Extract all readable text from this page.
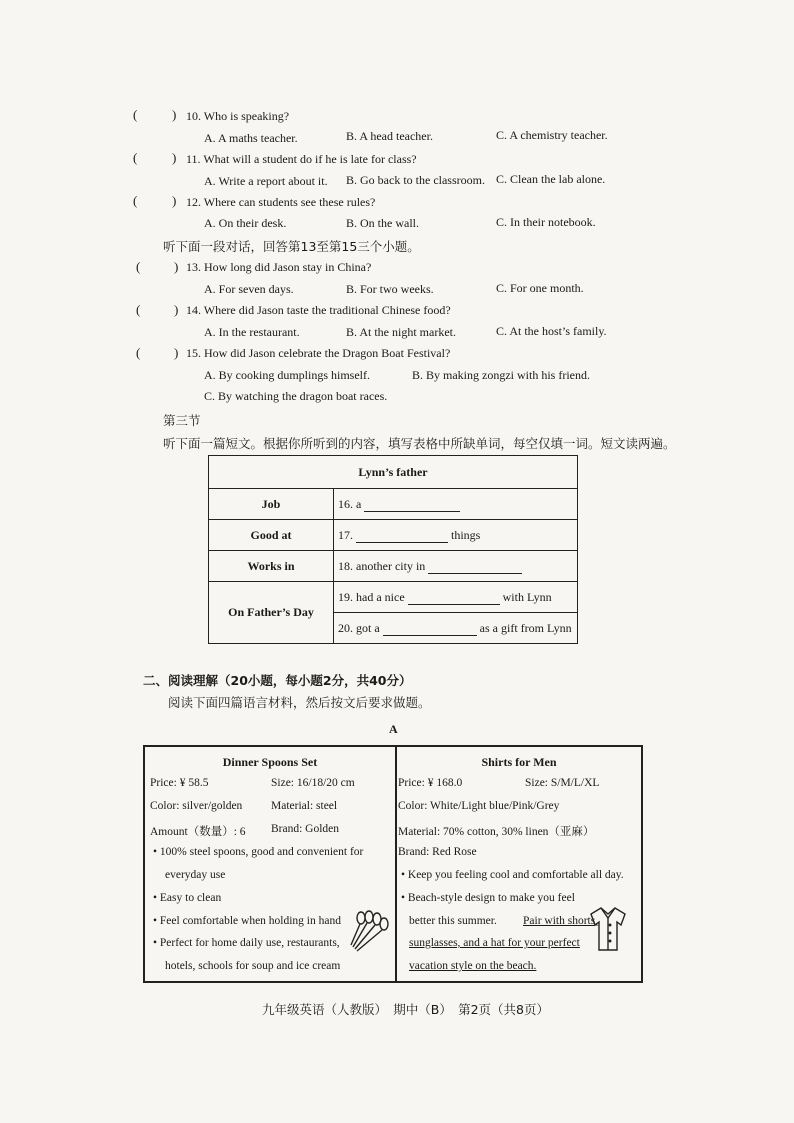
(	) 10. Who is speaking?
A. A maths teacher.	B. A head teacher.	C. A chemistry teacher.
(	) 11. What will a student do if he is late for class?
A. Write a report about it. B. Go back to the classroom. C. Clean the lab alone.
(	) 12. Where can students see these rules?
A. On their desk.	B. On the wall.	C. In their notebook.
听下面一段对话，回答第13至第15三个小题。
(	) 13. How long did Jason stay in China?
A. For seven days.	B. For two weeks.	C. For one month.
(	) 14. Where did Jason taste the traditional Chinese food?
A. In the restaurant.	B. At the night market.	C. At the host’s family.
(	) 15. How did Jason celebrate the Dragon Boat Festival?
A. By cooking dumplings himself.	B. By making zongzi with his friend.
C. By watching the dragon boat races.
第三节
听下面一篇短文。根据你所听到的内容，填写表格中所缺单词，每空仅填一词。短文读两遍。
Lynn’s father	
Job	16. a
Good at	17. things
Works in	18. another city in
On Father’s Day	19. had a nice with Lynn
	20. got a as a gift from Lynn
二、阅读理解（20小题，每小题2分，共40分）
阅读下面四篇语言材料，然后按文后要求做题。
A
Dinner Spoons Set
Price: ¥ 58.5	Size: 16/18/20 cm
Color: silver/golden Material: steel
Amount（数量）: 6 Brand: Golden
• 100% steel spoons, good and convenient for
everyday use
• Easy to clean
• Feel comfortable when holding in hand
• Perfect for home daily use, restaurants,
hotels, schools for soup and ice cream
Shirts for Men
Price: ¥ 168.0	Size: S/M/L/XL
Color: White/Light blue/Pink/Grey
Material: 70% cotton, 30% linen（亚麻）
Brand: Red Rose
• Keep you feeling cool and comfortable all day.
• Beach-style design to make you feel
better this summer. Pair with shorts,
sunglasses, and a hat for your perfect
vacation style on the beach.
九年级英语（人教版）　期中（B）　第2页（共8页）
